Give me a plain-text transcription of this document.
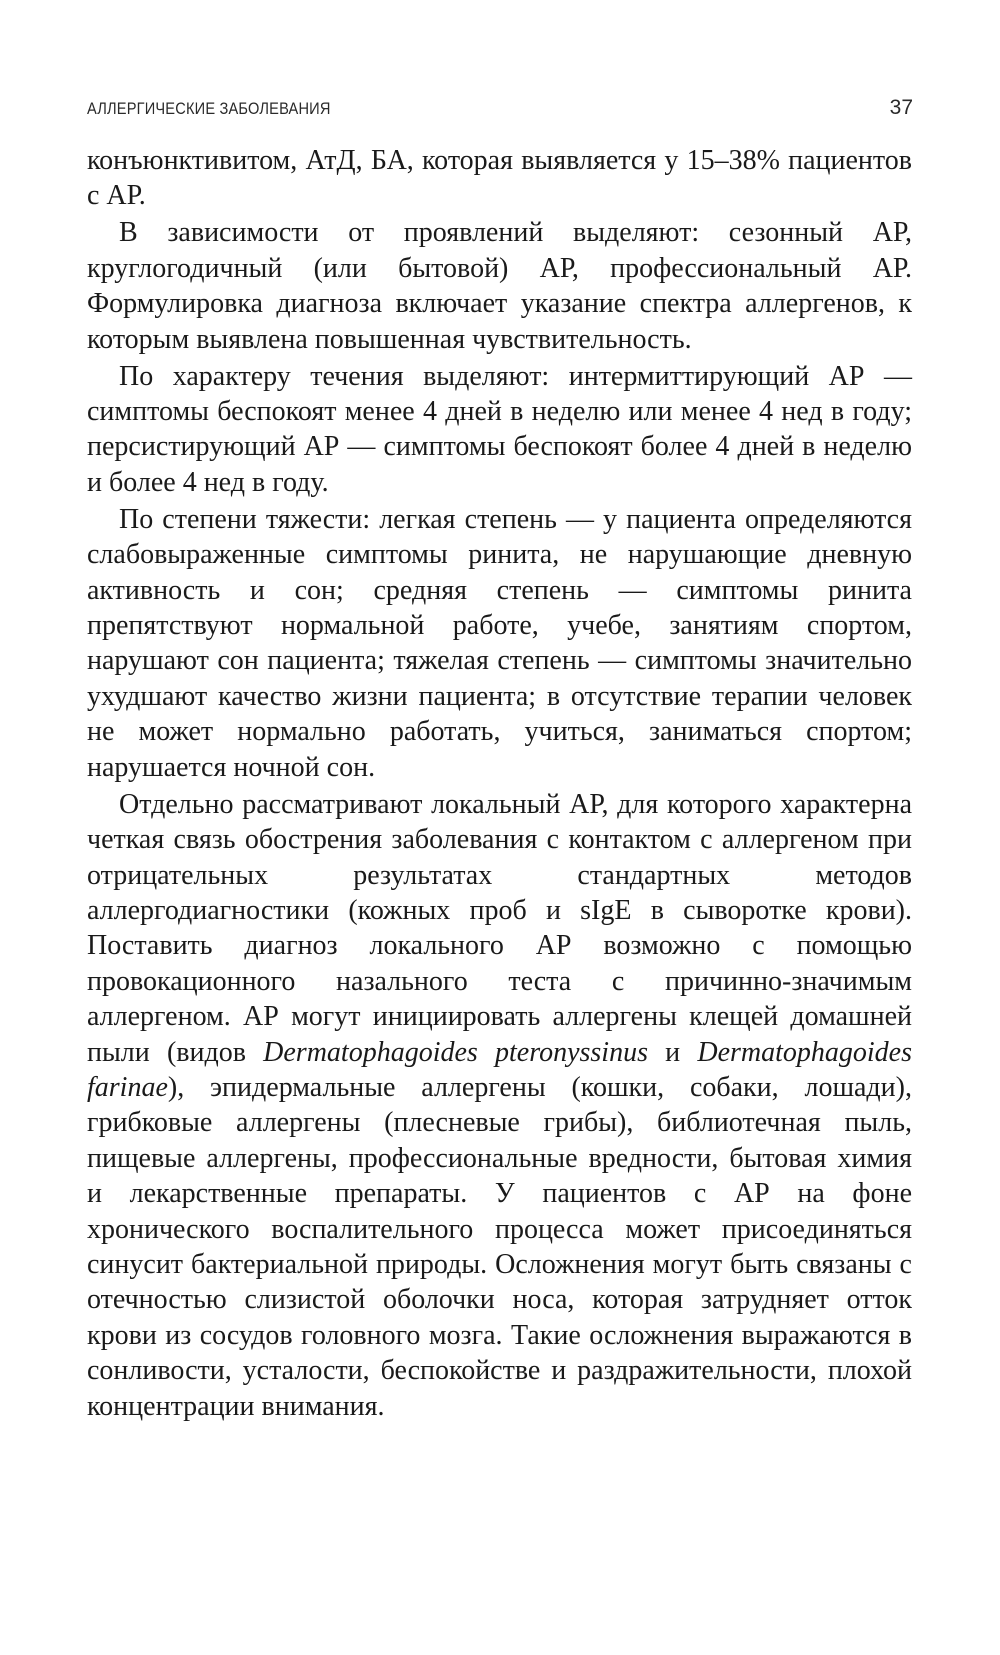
АЛЛЕРГИЧЕСКИЕ ЗАБОЛЕВАНИЯ	37

конъюнктивитом, АтД, БА, которая выявляется у 15–38% пациентов с АР.

В зависимости от проявлений выделяют: сезонный АР, круглогодичный (или бытовой) АР, профессиональный АР. Формулировка диагноза включает указание спектра аллергенов, к которым выявлена повышенная чувствительность.

По характеру течения выделяют: интермиттирующий АР — симптомы беспокоят менее 4 дней в неделю или менее 4 нед в году; персистирующий АР — симптомы беспокоят более 4 дней в неделю и более 4 нед в году.

По степени тяжести: легкая степень — у пациента определяются слабовыраженные симптомы ринита, не нарушающие дневную активность и сон; средняя степень — симптомы ринита препятствуют нормальной работе, учебе, занятиям спортом, нарушают сон пациента; тяжелая степень — симптомы значительно ухудшают качество жизни пациента; в отсутствие терапии человек не может нормально работать, учиться, заниматься спортом; нарушается ночной сон.

Отдельно рассматривают локальный АР, для которого характерна четкая связь обострения заболевания с контактом с аллергеном при отрицательных результатах стандартных методов аллергодиагностики (кожных проб и sIgE в сыворотке крови). Поставить диагноз локального АР возможно с помощью провокационного назального теста с причинно-значимым аллергеном. АР могут инициировать аллергены клещей домашней пыли (видов Dermatophagoides pteronyssinus и Dermatophagoides farinae), эпидермальные аллергены (кошки, собаки, лошади), грибковые аллергены (плесневые грибы), библиотечная пыль, пищевые аллергены, профессиональные вредности, бытовая химия и лекарственные препараты. У пациентов с АР на фоне хронического воспалительного процесса может присоединяться синусит бактериальной природы. Осложнения могут быть связаны с отечностью слизистой оболочки носа, которая затрудняет отток крови из сосудов головного мозга. Такие осложнения выражаются в сонливости, усталости, беспокойстве и раздражительности, плохой концентрации внимания.
